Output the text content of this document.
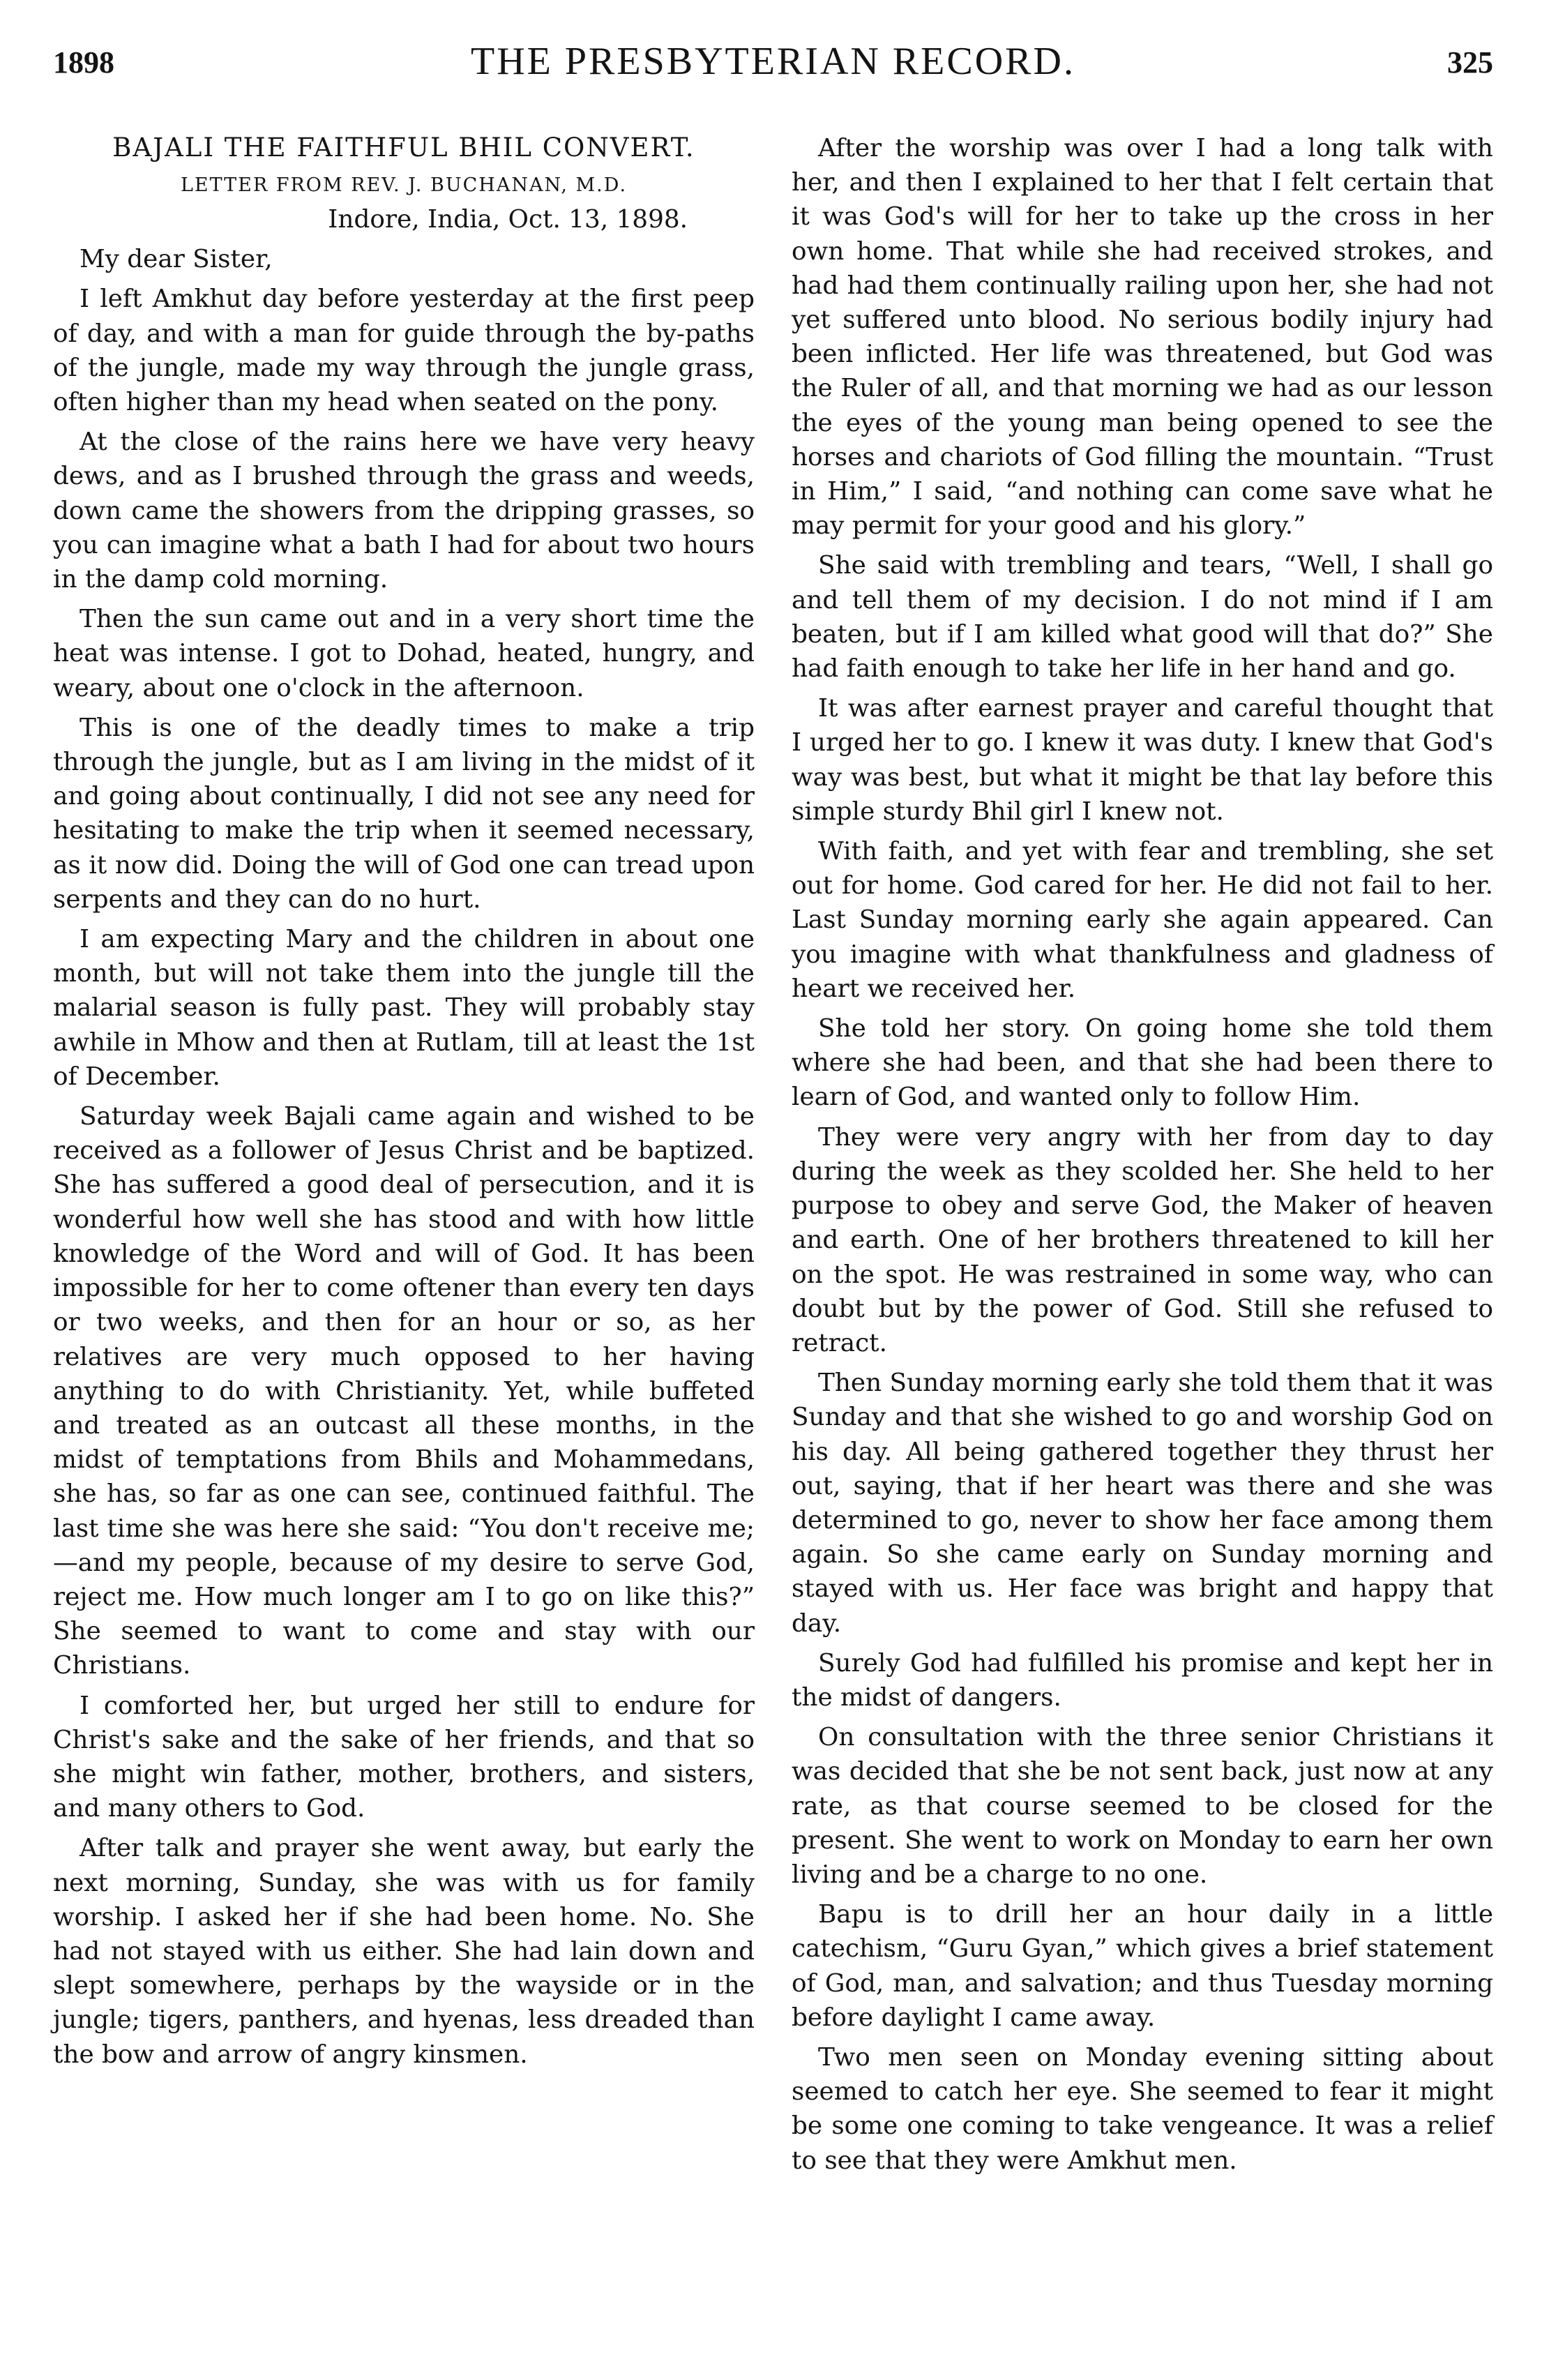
1898	THE PRESBYTERIAN RECORD.	325
BAJALI THE FAITHFUL BHIL CONVERT.
LETTER FROM REV. J. BUCHANAN, M.D.

Indore, India, Oct. 13, 1898.

My dear Sister,

I left Amkhut day before yesterday at the first peep of day, and with a man for guide through the by-paths of the jungle, made my way through the jungle grass, often higher than my head when seated on the pony.

At the close of the rains here we have very heavy dews, and as I brushed through the grass and weeds, down came the showers from the dripping grasses, so you can imagine what a bath I had for about two hours in the damp cold morning.

Then the sun came out and in a very short time the heat was intense. I got to Dohad, heated, hungry, and weary, about one o'clock in the afternoon.

This is one of the deadly times to make a trip through the jungle, but as I am living in the midst of it and going about continually, I did not see any need for hesitating to make the trip when it seemed necessary, as it now did. Doing the will of God one can tread upon serpents and they can do no hurt.

I am expecting Mary and the children in about one month, but will not take them into the jungle till the malarial season is fully past. They will probably stay awhile in Mhow and then at Rutlam, till at least the 1st of December.

Saturday week Bajali came again and wished to be received as a follower of Jesus Christ and be baptized. She has suffered a good deal of persecution, and it is wonderful how well she has stood and with how little knowledge of the Word and will of God. It has been impossible for her to come oftener than every ten days or two weeks, and then for an hour or so, as her relatives are very much opposed to her having anything to do with Christianity. Yet, while buffeted and treated as an outcast all these months, in the midst of temptations from Bhils and Mohammedans, she has, so far as one can see, continued faithful. The last time she was here she said: “You don't receive me;—and my people, because of my desire to serve God, reject me. How much longer am I to go on like this?” She seemed to want to come and stay with our Christians.

I comforted her, but urged her still to endure for Christ's sake and the sake of her friends, and that so she might win father, mother, brothers, and sisters, and many others to God.

After talk and prayer she went away, but early the next morning, Sunday, she was with us for family worship. I asked her if she had been home. No. She had not stayed with us either. She had lain down and slept somewhere, perhaps by the wayside or in the jungle; tigers, panthers, and hyenas, less dreaded than the bow and arrow of angry kinsmen.

After the worship was over I had a long talk with her, and then I explained to her that I felt certain that it was God's will for her to take up the cross in her own home. That while she had received strokes, and had had them continually railing upon her, she had not yet suffered unto blood. No serious bodily injury had been inflicted. Her life was threatened, but God was the Ruler of all, and that morning we had as our lesson the eyes of the young man being opened to see the horses and chariots of God filling the mountain. “Trust in Him,” I said, “and nothing can come save what he may permit for your good and his glory.”

She said with trembling and tears, “Well, I shall go and tell them of my decision. I do not mind if I am beaten, but if I am killed what good will that do?” She had faith enough to take her life in her hand and go.

It was after earnest prayer and careful thought that I urged her to go. I knew it was duty. I knew that God's way was best, but what it might be that lay before this simple sturdy Bhil girl I knew not.

With faith, and yet with fear and trembling, she set out for home. God cared for her. He did not fail to her. Last Sunday morning early she again appeared. Can you imagine with what thankfulness and gladness of heart we received her.

She told her story. On going home she told them where she had been, and that she had been there to learn of God, and wanted only to follow Him.

They were very angry with her from day to day during the week as they scolded her. She held to her purpose to obey and serve God, the Maker of heaven and earth. One of her brothers threatened to kill her on the spot. He was restrained in some way, who can doubt but by the power of God. Still she refused to retract.

Then Sunday morning early she told them that it was Sunday and that she wished to go and worship God on his day. All being gathered together they thrust her out, saying, that if her heart was there and she was determined to go, never to show her face among them again. So she came early on Sunday morning and stayed with us. Her face was bright and happy that day.

Surely God had fulfilled his promise and kept her in the midst of dangers.

On consultation with the three senior Christians it was decided that she be not sent back, just now at any rate, as that course seemed to be closed for the present. She went to work on Monday to earn her own living and be a charge to no one.

Bapu is to drill her an hour daily in a little catechism, “Guru Gyan,” which gives a brief statement of God, man, and salvation; and thus Tuesday morning before daylight I came away.

Two men seen on Monday evening sitting about seemed to catch her eye. She seemed to fear it might be some one coming to take vengeance. It was a relief to see that they were Amkhut men.
